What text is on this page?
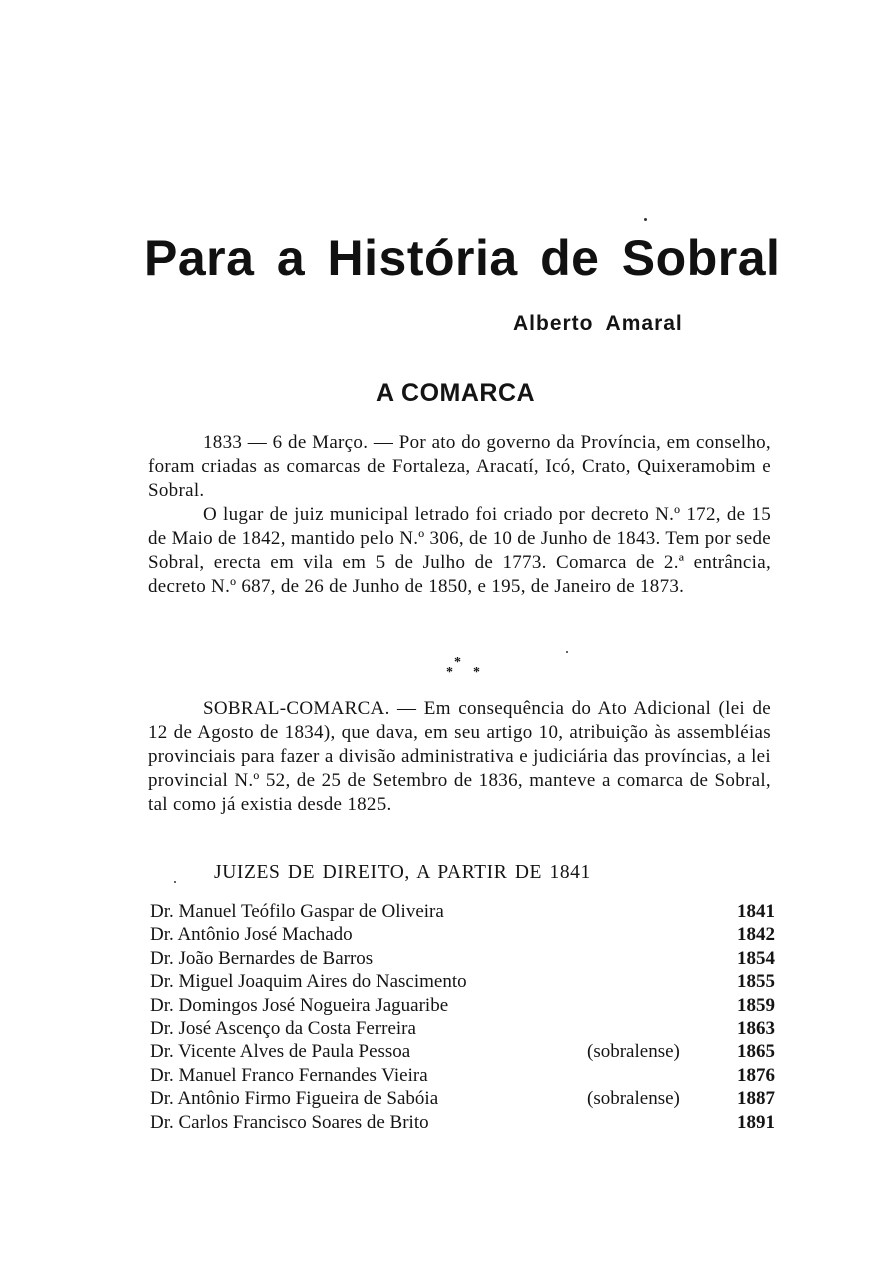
Para a História de Sobral
Alberto Amaral
A COMARCA

1833 — 6 de Março. — Por ato do governo da Província, em conselho, foram criadas as comarcas de Fortaleza, Aracatí, Icó, Crato, Quixeramobim e Sobral.

O lugar de juiz municipal letrado foi criado por decreto N.º 172, de 15 de Maio de 1842, mantido pelo N.º 306, de 10 de Junho de 1843. Tem por sede Sobral, erecta em vila em 5 de Julho de 1773. Comarca de 2.ª entrância, decreto N.º 687, de 26 de Junho de 1850, e 195, de Janeiro de 1873.

*
*
*

SOBRAL-COMARCA. — Em consequência do Ato Adicional (lei de 12 de Agosto de 1834), que dava, em seu artigo 10, atribuição às assembléias provinciais para fazer a divisão administrativa e judiciária das províncias, a lei provincial N.º 52, de 25 de Setembro de 1836, manteve a comarca de Sobral, tal como já existia desde 1825.

JUIZES DE DIREITO, A PARTIR DE 1841
Dr. Manuel Teófilo Gaspar de Oliveira	1841
Dr. Antônio José Machado	1842
Dr. João Bernardes de Barros	1854
Dr. Miguel Joaquim Aires do Nascimento	1855
Dr. Domingos José Nogueira Jaguaribe	1859
Dr. José Ascenço da Costa Ferreira	1863
Dr. Vicente Alves de Paula Pessoa	(sobralense)	1865
Dr. Manuel Franco Fernandes Vieira	1876
Dr. Antônio Firmo Figueira de Sabóia	(sobralense)	1887
Dr. Carlos Francisco Soares de Brito	1891
